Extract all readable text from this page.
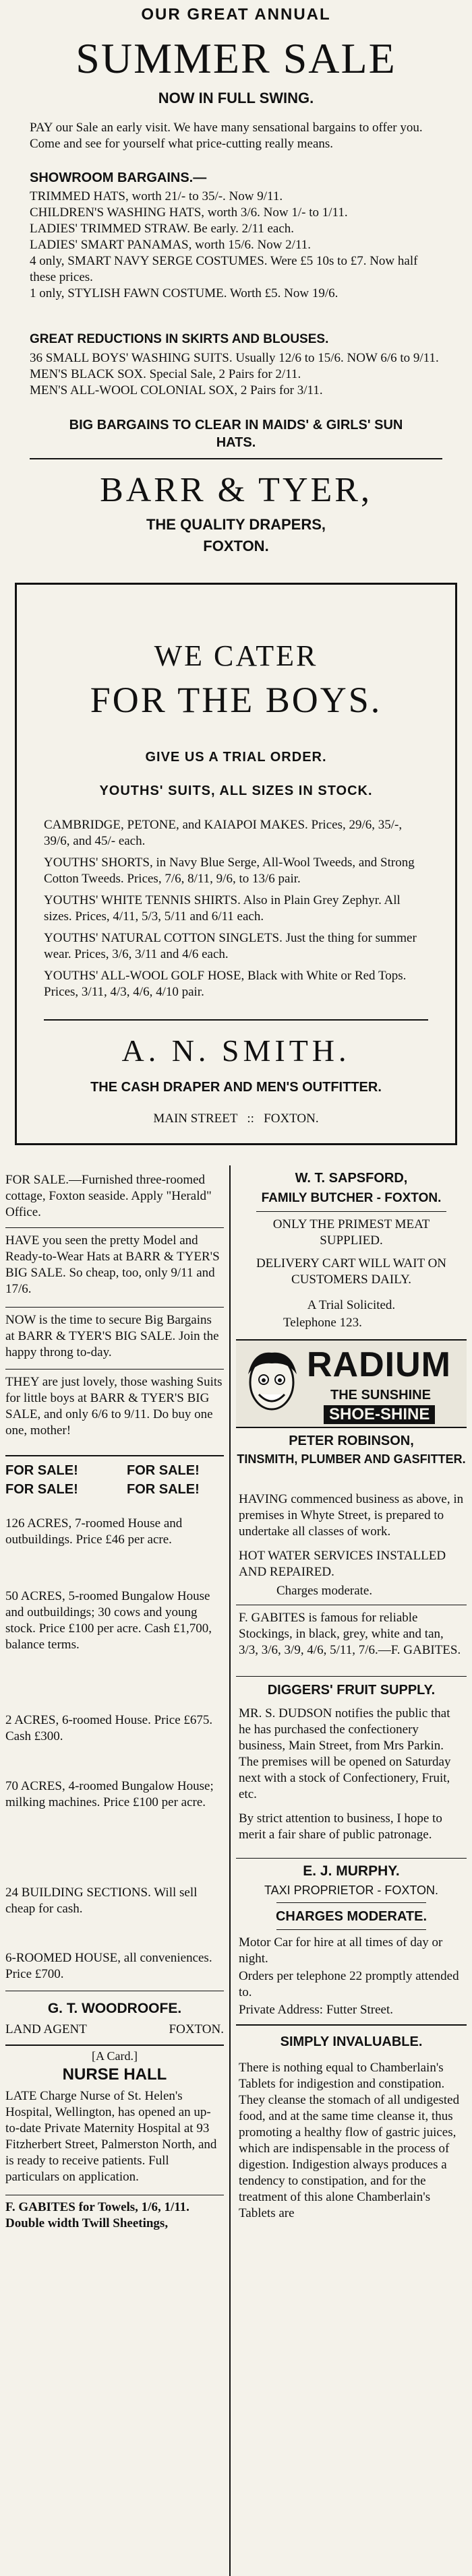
OUR GREAT ANNUAL
SUMMER SALE
NOW IN FULL SWING.
PAY our Sale an early visit. We have many sensational bargains to offer you. Come and see for yourself what price-cutting really means.
SHOWROOM BARGAINS.—
TRIMMED HATS, worth 21/- to 35/-. Now 9/11.
CHILDREN'S WASHING HATS, worth 3/6. Now 1/- to 1/11.
LADIES' TRIMMED STRAW. Be early. 2/11 each.
LADIES' SMART PANAMAS, worth 15/6. Now 2/11.
4 only, SMART NAVY SERGE COSTUMES. Were £5 10s to £7. Now half these prices.
1 only, STYLISH FAWN COSTUME. Worth £5. Now 19/6.
GREAT REDUCTIONS IN SKIRTS AND BLOUSES.
36 SMALL BOYS' WASHING SUITS. Usually 12/6 to 15/6. NOW 6/6 to 9/11.
MEN'S BLACK SOX. Special Sale, 2 Pairs for 2/11.
MEN'S ALL-WOOL COLONIAL SOX, 2 Pairs for 3/11.
BIG BARGAINS TO CLEAR IN MAIDS' & GIRLS' SUN HATS.
BARR & TYER,
THE QUALITY DRAPERS,
FOXTON.
WE CATER
FOR THE BOYS.
GIVE US A TRIAL ORDER.
YOUTHS' SUITS, ALL SIZES IN STOCK.
CAMBRIDGE, PETONE, and KAIAPOI MAKES. Prices, 29/6, 35/-, 39/6, and 45/- each.
YOUTHS' SHORTS, in Navy Blue Serge, All-Wool Tweeds, and Strong Cotton Tweeds. Prices, 7/6, 8/11, 9/6, to 13/6 pair.
YOUTHS' WHITE TENNIS SHIRTS. Also in Plain Grey Zephyr. All sizes. Prices, 4/11, 5/3, 5/11 and 6/11 each.
YOUTHS' NATURAL COTTON SINGLETS. Just the thing for summer wear. Prices, 3/6, 3/11 and 4/6 each.
YOUTHS' ALL-WOOL GOLF HOSE, Black with White or Red Tops. Prices, 3/11, 4/3, 4/6, 4/10 pair.
A. N. SMITH.
THE CASH DRAPER AND MEN'S OUTFITTER.
MAIN STREET :: FOXTON.
FOR SALE.—Furnished three-roomed cottage, Foxton seaside. Apply "Herald" Office.
HAVE you seen the pretty Model and Ready-to-Wear Hats at BARR & TYER'S BIG SALE. So cheap, too, only 9/11 and 17/6.
NOW is the time to secure Big Bargains at BARR & TYER'S BIG SALE. Join the happy throng to-day.
THEY are just lovely, those washing Suits for little boys at BARR & TYER'S BIG SALE, and only 6/6 to 9/11. Do buy one one, mother!
FOR SALE!	FOR SALE!
FOR SALE!	FOR SALE!
126 ACRES, 7-roomed House and outbuildings. Price £46 per acre.
50 ACRES, 5-roomed Bungalow House and outbuildings; 30 cows and young stock. Price £100 per acre. Cash £1,700, balance terms.
2 ACRES, 6-roomed House. Price £675. Cash £300.
70 ACRES, 4-roomed Bungalow House; milking machines. Price £100 per acre.
24 BUILDING SECTIONS. Will sell cheap for cash.
6-ROOMED HOUSE, all conveniences. Price £700.
G. T. WOODROOFE.
LAND AGENT	FOXTON.
[A Card.]
NURSE HALL
LATE Charge Nurse of St. Helen's Hospital, Wellington, has opened an up-to-date Private Maternity Hospital at 93 Fitzherbert Street, Palmerston North, and is ready to receive patients. Full particulars on application.
F. GABITES for Towels, 1/6, 1/11. Double width Twill Sheetings,
W. T. SAPSFORD,
FAMILY BUTCHER - FOXTON.
ONLY THE PRIMEST MEAT SUPPLIED.
DELIVERY CART WILL WAIT ON CUSTOMERS DAILY.
A Trial Solicited.
Telephone 123.
RADIUM
THE SUNSHINE
SHOE-SHINE
PETER ROBINSON,
TINSMITH, PLUMBER AND GASFITTER.
HAVING commenced business as above, in premises in Whyte Street, is prepared to undertake all classes of work.
HOT WATER SERVICES INSTALLED AND REPAIRED.
Charges moderate.
F. GABITES is famous for reliable Stockings, in black, grey, white and tan, 3/3, 3/6, 3/9, 4/6, 5/11, 7/6.—F. GABITES.
DIGGERS' FRUIT SUPPLY.
MR. S. DUDSON notifies the public that he has purchased the confectionery business, Main Street, from Mrs Parkin. The premises will be opened on Saturday next with a stock of Confectionery, Fruit, etc.
By strict attention to business, I hope to merit a fair share of public patronage.
E. J. MURPHY.
TAXI PROPRIETOR - FOXTON.
CHARGES MODERATE.
Motor Car for hire at all times of day or night.
Orders per telephone 22 promptly attended to.
Private Address: Futter Street.
SIMPLY INVALUABLE.
There is nothing equal to Chamberlain's Tablets for indigestion and constipation. They cleanse the stomach of all undigested food, and at the same time cleanse it, thus promoting a healthy flow of gastric juices, which are indispensable in the process of digestion. Indigestion always produces a tendency to constipation, and for the treatment of this alone Chamberlain's Tablets are
